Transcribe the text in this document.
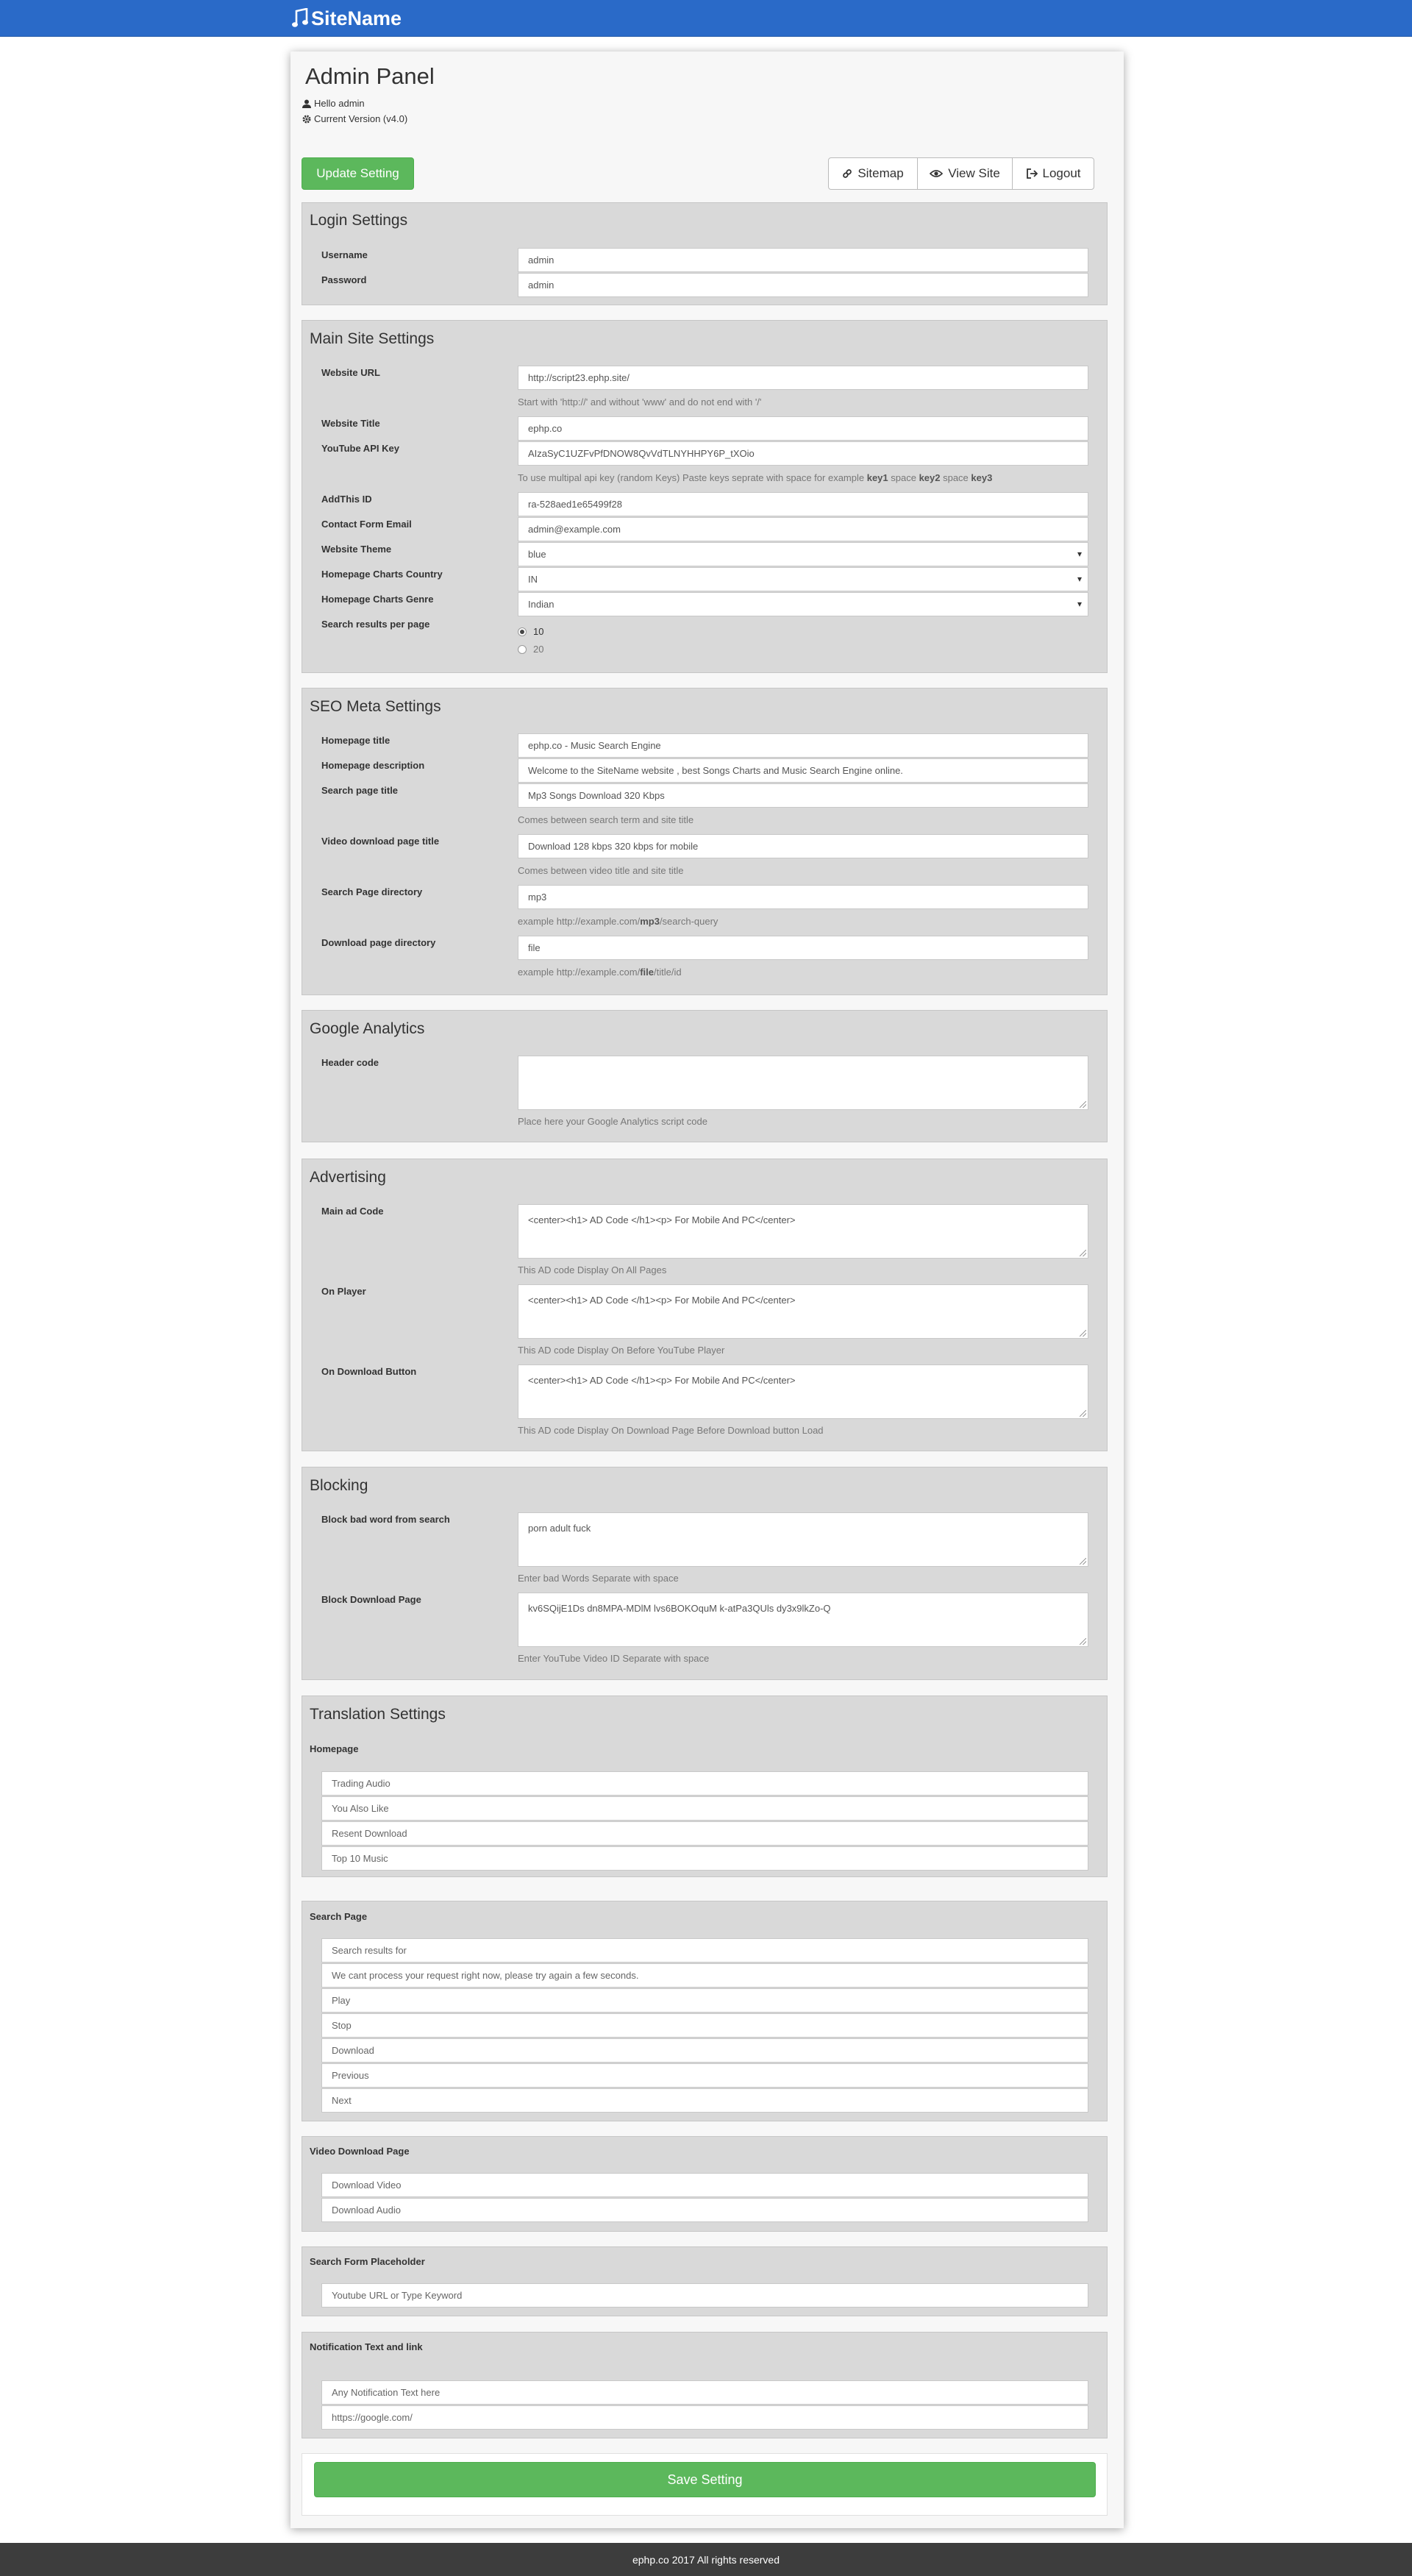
SiteName
Admin Panel
Hello admin
Current Version (v4.0)
Update Setting	Sitemap	View Site	Logout
Login Settings
Username	admin
Password	admin
Main Site Settings
Website URL	http://script23.ephp.site/
Start with 'http://' and without 'www' and do not end with '/'
Website Title	ephp.co
YouTube API Key	AIzaSyC1UZFvPfDNOW8QvVdTLNYHHPY6P_tXOio
To use multipal api key (random Keys) Paste keys seprate with space for example key1 space key2 space key3
AddThis ID	ra-528aed1e65499f28
Contact Form Email	admin@example.com
Website Theme	blue ▾
Homepage Charts Country	IN ▾
Homepage Charts Genre	Indian ▾
Search results per page
10
20
SEO Meta Settings
Homepage title	ephp.co - Music Search Engine
Homepage description	Welcome to the SiteName website , best Songs Charts and Music Search Engine online.
Search page title	Mp3 Songs Download 320 Kbps
Comes between search term and site title
Video download page title	Download 128 kbps 320 kbps for mobile
Comes between video title and site title
Search Page directory	mp3
example http://example.com/mp3/search-query
Download page directory	file
example http://example.com/file/title/id
Google Analytics
Header code
Place here your Google Analytics script code
Advertising
Main ad Code
<center><h1> AD Code </h1><p> For Mobile And PC</center>
This AD code Display On All Pages
On Player
<center><h1> AD Code </h1><p> For Mobile And PC</center>
This AD code Display On Before YouTube Player
On Download Button
<center><h1> AD Code </h1><p> For Mobile And PC</center>
This AD code Display On Download Page Before Download button Load
Blocking
Block bad word from search
porn adult fuck
Enter bad Words Separate with space
Block Download Page
kv6SQijE1Ds dn8MPA-MDlM lvs6BOKOquM k-atPa3QUls dy3x9lkZo-Q
Enter YouTube Video ID Separate with space
Translation Settings
Homepage
Trading Audio
You Also Like
Resent Download
Top 10 Music
Search Page
Search results for
We cant process your request right now, please try again a few seconds.
Play
Stop
Download
Previous
Next
Video Download Page
Download Video
Download Audio
Search Form Placeholder
Youtube URL or Type Keyword
Notification Text and link
Any Notification Text here
https://google.com/
Save Setting
ephp.co 2017 All rights reserved
